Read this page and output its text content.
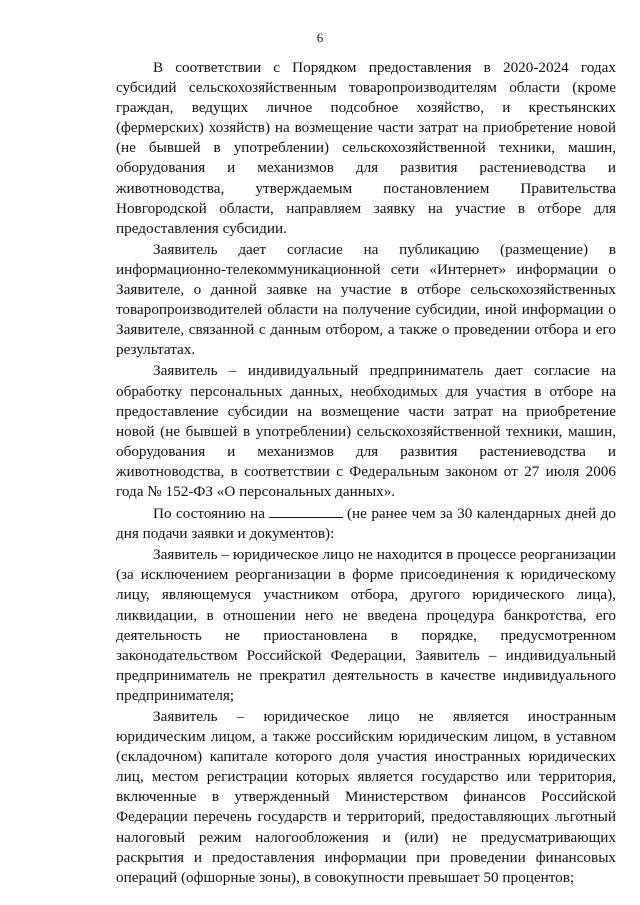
6

В соответствии с Порядком предоставления в 2020-2024 годах субсидий сельскохозяйственным товаропроизводителям области (кроме граждан, ведущих личное подсобное хозяйство, и крестьянских (фермерских) хозяйств) на возмещение части затрат на приобретение новой (не бывшей в употреблении) сельскохозяйственной техники, машин, оборудования и механизмов для развития растениеводства и животноводства, утверждаемым постановлением Правительства Новгородской области, направляем заявку на участие в отборе для предоставления субсидии.

Заявитель дает согласие на публикацию (размещение) в информационно-телекоммуникационной сети «Интернет» информации о Заявителе, о данной заявке на участие в отборе сельскохозяйственных товаропроизводителей области на получение субсидии, иной информации о Заявителе, связанной с данным отбором, а также о проведении отбора и его результатах.

Заявитель – индивидуальный предприниматель дает согласие на обработку персональных данных, необходимых для участия в отборе на предоставление субсидии на возмещение части затрат на приобретение новой (не бывшей в употреблении) сельскохозяйственной техники, машин, оборудования и механизмов для развития растениеводства и животноводства, в соответствии с Федеральным законом от 27 июля 2006 года № 152-ФЗ «О персональных данных».

По состоянию на	(не ранее чем за 30 календарных дней до дня подачи заявки и документов):

Заявитель – юридическое лицо не находится в процессе реорганизации (за исключением реорганизации в форме присоединения к юридическому лицу, являющемуся участником отбора, другого юридического лица), ликвидации, в отношении него не введена процедура банкротства, его деятельность не приостановлена в порядке, предусмотренном законодательством Российской Федерации, Заявитель – индивидуальный предприниматель не прекратил деятельность в качестве индивидуального предпринимателя;

Заявитель – юридическое лицо не является иностранным юридическим лицом, а также российским юридическим лицом, в уставном (складочном) капитале которого доля участия иностранных юридических лиц, местом регистрации которых является государство или территория, включенные в утвержденный Министерством финансов Российской Федерации перечень государств и территорий, предоставляющих льготный налоговый режим налогообложения и (или) не предусматривающих раскрытия и предоставления информации при проведении финансовых операций (офшорные зоны), в совокупности превышает 50 процентов;
